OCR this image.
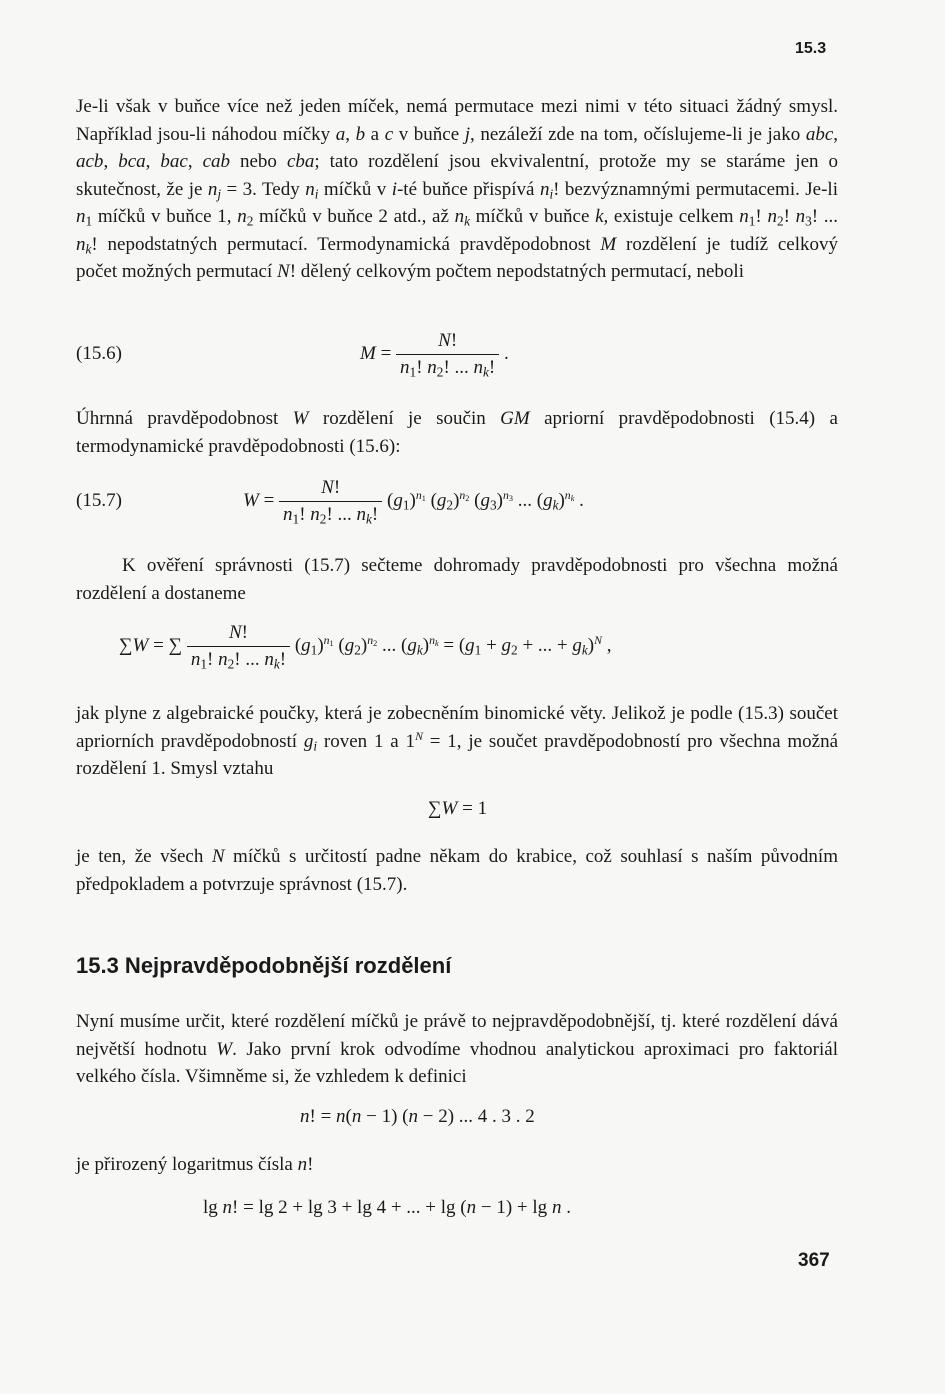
15.3

Je-li však v buňce více než jeden míček, nemá permutace mezi nimi v této situaci žádný smysl. Například jsou-li náhodou míčky a, b a c v buňce j, nezáleží zde na tom, očíslujeme-li je jako abc, acb, bca, bac, cab nebo cba; tato rozdělení jsou ekvivalentní, protože my se staráme jen o skutečnost, že je $n_j = 3$. Tedy $n_i$ míčků v i-té buňce přispívá $n_i$! bezvýznamnými permutacemi. Je-li $n_1$ míčků v buňce 1, $n_2$ míčků v buňce 2 atd., až $n_k$ míčků v buňce k, existuje celkem $n_1$! $n_2$! $n_3$! ... $n_k$! nepodstatných permutací. Termodynamická pravděpodobnost M rozdělení je tudíž celkový počet možných permutací N! dělený celkovým počtem nepodstatných permutací, neboli

(15.6)	$M = \frac{N!}{n_1! n_2! ... n_k!}$ .

Úhrnná pravděpodobnost W rozdělení je součin GM apriorní pravděpodobnosti (15.4) a termodynamické pravděpodobnosti (15.6):

(15.7)	$W = \frac{N!}{n_1! n_2! ... n_k!} (g_1)^{n_1}$ $(g_2)^{n_2}$ $(g_3)^{n_3}$ ... $(g_k)^{n_k}$ .

K ověření správnosti (15.7) sečteme dohromady pravděpodobnosti pro všechna možná rozdělení a dostaneme

∑W = ∑ $\frac{N!}{n_1! n_2! ... n_k!} (g_1)^{n_1}$ $(g_2)^{n_2}$ ... $(g_k)^{n_k} = (g_1 + g_2$ + ... + $g_k)^N$ ,

jak plyne z algebraické poučky, která je zobecněním binomické věty. Jelikož je podle (15.3) součet apriorních pravděpodobností $g_i$ roven 1 a $1^N = 1$, je součet pravděpodobností pro všechna možná rozdělení 1. Smysl vztahu

∑W = 1

je ten, že všech N míčků s určitostí padne někam do krabice, což souhlasí s naším původním předpokladem a potvrzuje správnost (15.7).

15.3 Nejpravděpodobnější rozdělení

Nyní musíme určit, které rozdělení míčků je právě to nejpravděpodobnější, tj. které rozdělení dává největší hodnotu W. Jako první krok odvodíme vhodnou analytickou aproximaci pro faktoriál velkého čísla. Všimněme si, že vzhledem k definici

n! = n(n − 1) (n − 2) ... 4 . 3 . 2

je přirozený logaritmus čísla n!

lg n! = lg 2 + lg 3 + lg 4 + ... + lg (n − 1) + lg n .
367
